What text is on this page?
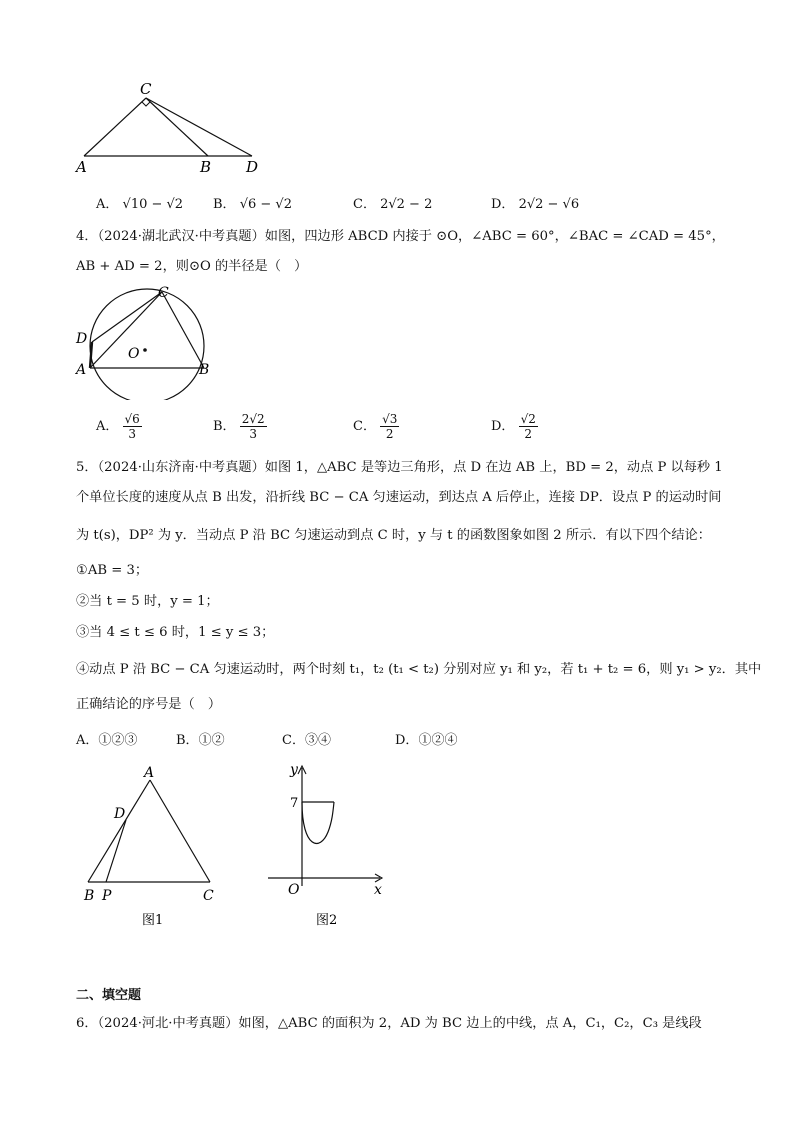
C
A	B D
A． √10 − √2 B． √6 − √2	C． 2√2 − 2	D． 2√2 − √6
4．（2024·湖北武汉·中考真题）如图，四边形 ABCD 内接于 ⊙O，∠ABC = 60°，∠BAC = ∠CAD = 45°，
AB + AD = 2，则⊙O 的半径是（　）
C
D
A	B
O
A． $\frac{√6}{3}$	B． $\frac{2√2}{3}$	C． $\frac{√3}{2}$	D． $\frac{√2}{2}$
5．（2024·山东济南·中考真题）如图 1，△ABC 是等边三角形，点 D 在边 AB 上，BD = 2，动点 P 以每秒 1
个单位长度的速度从点 B 出发，沿折线 BC − CA 匀速运动，到达点 A 后停止，连接 DP．设点 P 的运动时间
为 t(s)，DP² 为 y．当动点 P 沿 BC 匀速运动到点 C 时，y 与 t 的函数图象如图 2 所示．有以下四个结论：
①AB = 3；
②当 t = 5 时，y = 1；
③当 4 ≤ t ≤ 6 时，1 ≤ y ≤ 3；
④动点 P 沿 BC − CA 匀速运动时，两个时刻 t₁，t₂ (t₁ < t₂) 分别对应 y₁ 和 y₂，若 t₁ + t₂ = 6，则 y₁ > y₂．其中
正确结论的序号是（　）
A．①②③	B．①②	C．③④	D．①②④
A
D
B P	C
图1
y
x
O
7
图2
二、填空题
6．（2024·河北·中考真题）如图，△ABC 的面积为 2，AD 为 BC 边上的中线，点 A，C₁，C₂，C₃ 是线段
